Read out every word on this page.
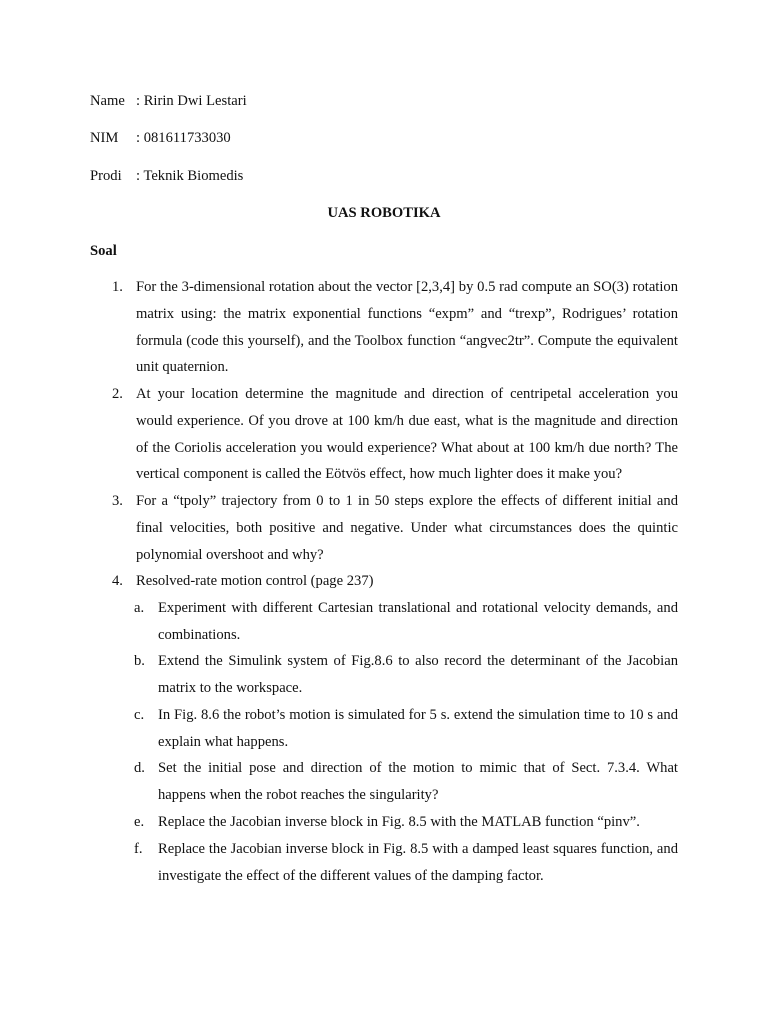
Name : Ririn Dwi Lestari
NIM : 081611733030
Prodi : Teknik Biomedis
UAS ROBOTIKA
Soal
1. For the 3-dimensional rotation about the vector [2,3,4] by 0.5 rad compute an SO(3) rotation matrix using: the matrix exponential functions “expm” and “trexp”, Rodrigues’ rotation formula (code this yourself), and the Toolbox function “angvec2tr”. Compute the equivalent unit quaternion.
2. At your location determine the magnitude and direction of centripetal acceleration you would experience. Of you drove at 100 km/h due east, what is the magnitude and direction of the Coriolis acceleration you would experience? What about at 100 km/h due north? The vertical component is called the Eötvös effect, how much lighter does it make you?
3. For a “tpoly” trajectory from 0 to 1 in 50 steps explore the effects of different initial and final velocities, both positive and negative. Under what circumstances does the quintic polynomial overshoot and why?
4. Resolved-rate motion control (page 237)
a. Experiment with different Cartesian translational and rotational velocity demands, and combinations.
b. Extend the Simulink system of Fig.8.6 to also record the determinant of the Jacobian matrix to the workspace.
c. In Fig. 8.6 the robot’s motion is simulated for 5 s. extend the simulation time to 10 s and explain what happens.
d. Set the initial pose and direction of the motion to mimic that of Sect. 7.3.4. What happens when the robot reaches the singularity?
e. Replace the Jacobian inverse block in Fig. 8.5 with the MATLAB function “pinv”.
f. Replace the Jacobian inverse block in Fig. 8.5 with a damped least squares function, and investigate the effect of the different values of the damping factor.
